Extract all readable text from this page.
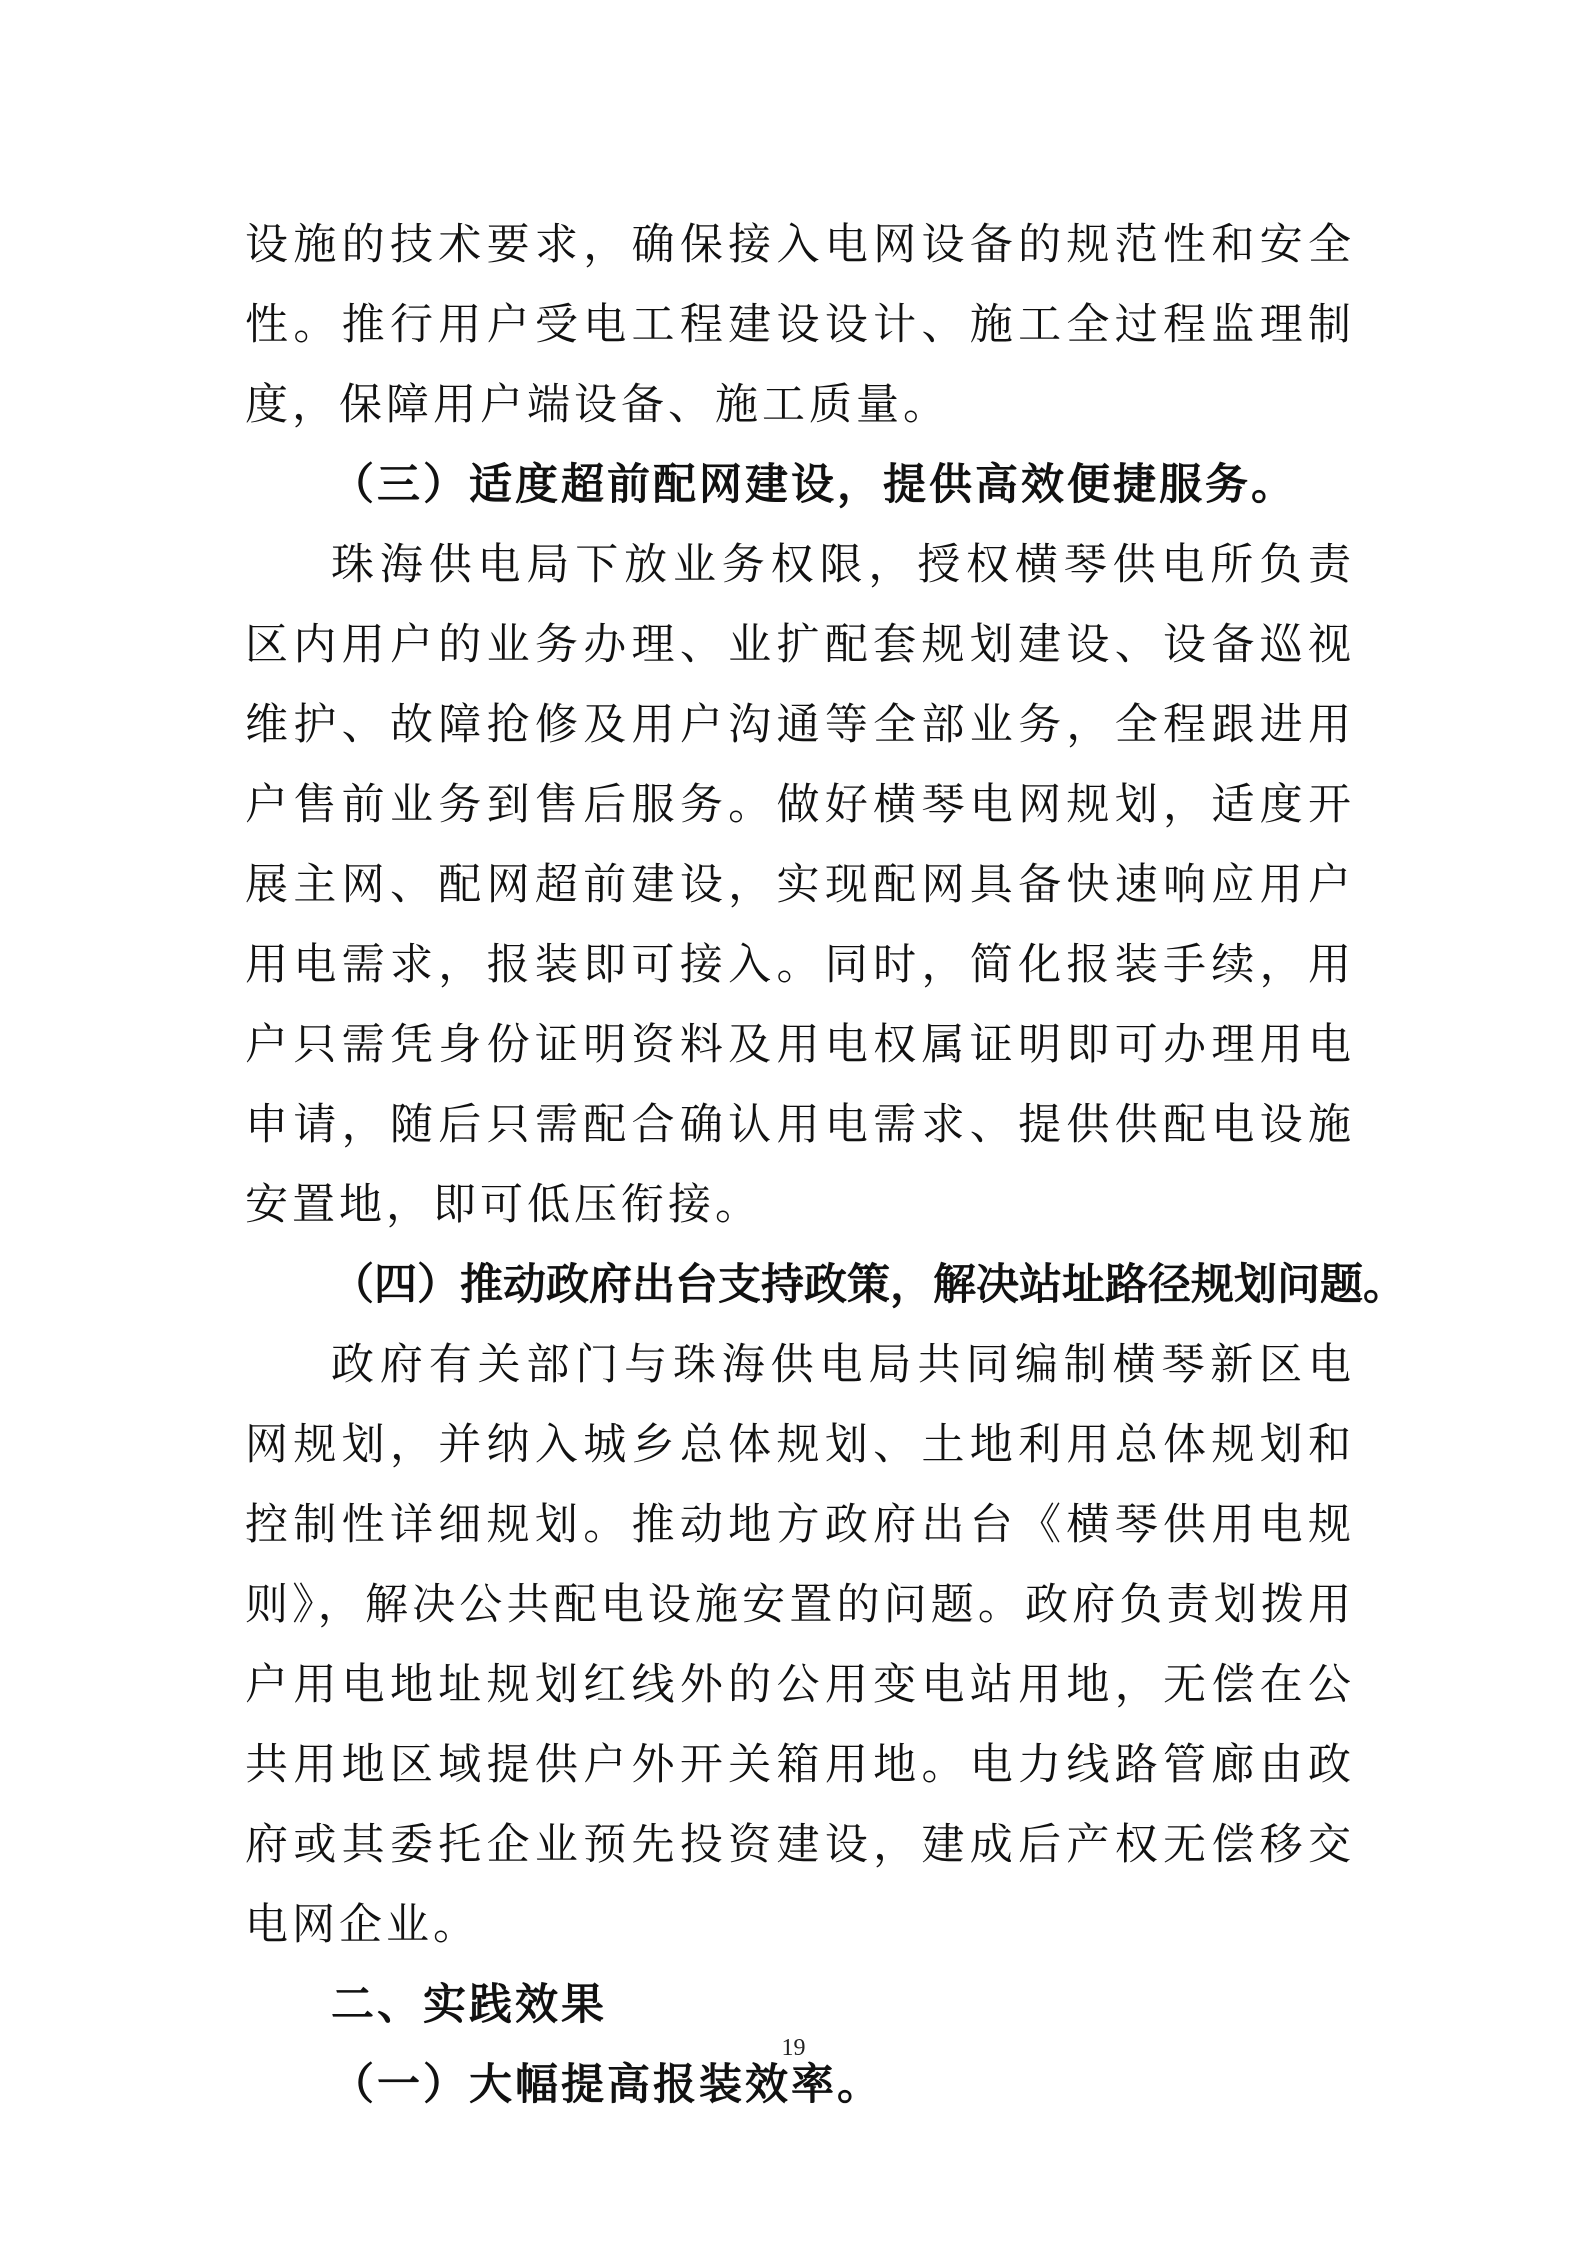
设施的技术要求，确保接入电网设备的规范性和安全性。推行用户受电工程建设设计、施工全过程监理制度，保障用户端设备、施工质量。

（三）适度超前配网建设，提供高效便捷服务。

珠海供电局下放业务权限，授权横琴供电所负责区内用户的业务办理、业扩配套规划建设、设备巡视维护、故障抢修及用户沟通等全部业务，全程跟进用户售前业务到售后服务。做好横琴电网规划，适度开展主网、配网超前建设，实现配网具备快速响应用户用电需求，报装即可接入。同时，简化报装手续，用户只需凭身份证明资料及用电权属证明即可办理用电申请，随后只需配合确认用电需求、提供供配电设施安置地，即可低压衔接。

（四）推动政府出台支持政策，解决站址路径规划问题。

政府有关部门与珠海供电局共同编制横琴新区电网规划，并纳入城乡总体规划、土地利用总体规划和控制性详细规划。推动地方政府出台《横琴供用电规则》，解决公共配电设施安置的问题。政府负责划拨用户用电地址规划红线外的公用变电站用地，无偿在公共用地区域提供户外开关箱用地。电力线路管廊由政府或其委托企业预先投资建设，建成后产权无偿移交电网企业。

二、实践效果

（一）大幅提高报装效率。

19
